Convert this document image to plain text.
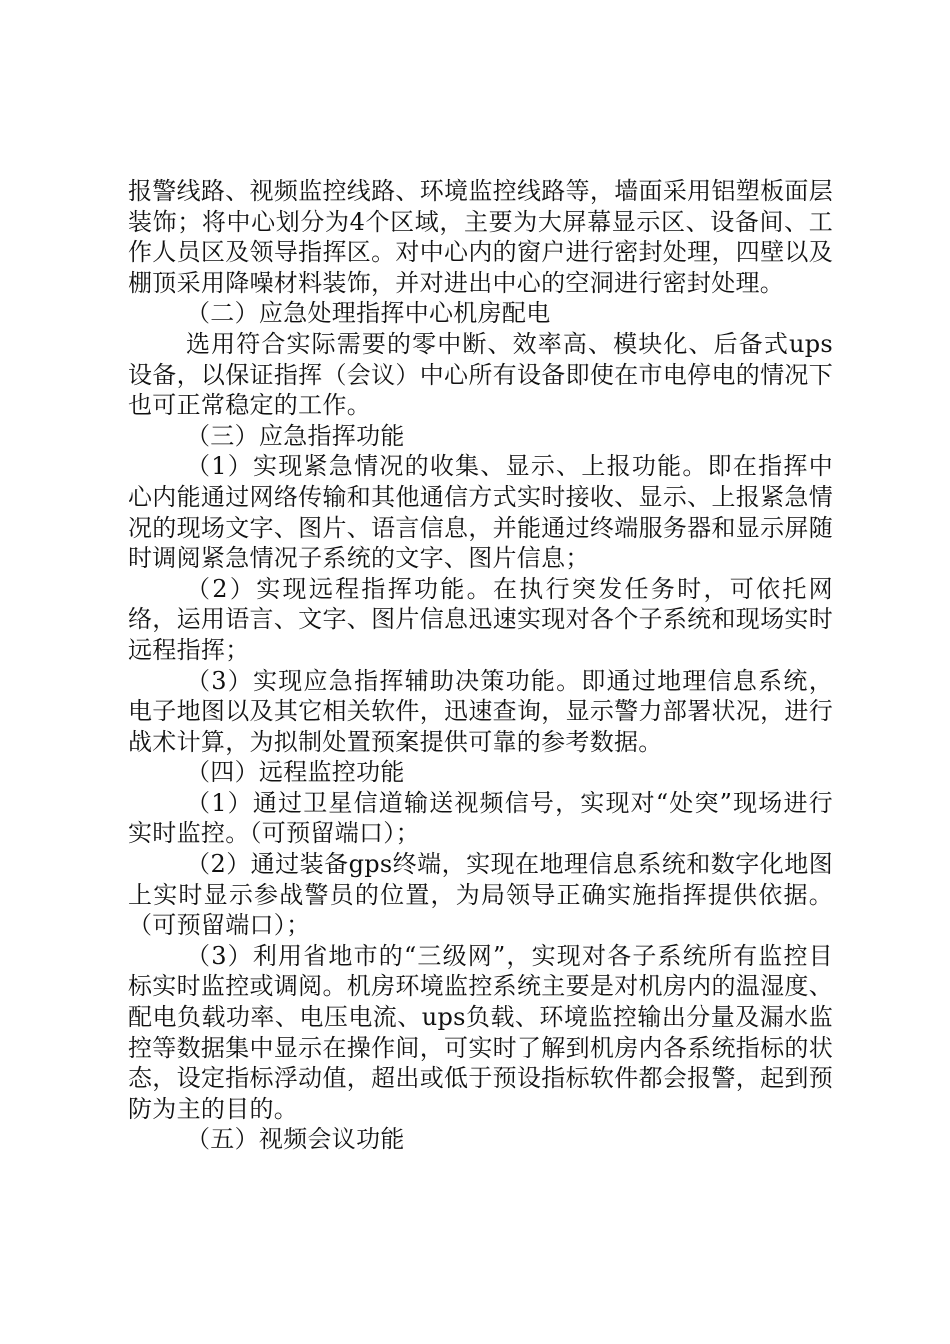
报警线路、视频监控线路、环境监控线路等，墙面采用铝塑板面层装饰；将中心划分为4个区域，主要为大屏幕显示区、设备间、工作人员区及领导指挥区。对中心内的窗户进行密封处理，四壁以及棚顶采用降噪材料装饰，并对进出中心的空洞进行密封处理。

（二）应急处理指挥中心机房配电

选用符合实际需要的零中断、效率高、模块化、后备式ups设备，以保证指挥（会议）中心所有设备即使在市电停电的情况下也可正常稳定的工作。

（三）应急指挥功能

（1）实现紧急情况的收集、显示、上报功能。即在指挥中心内能通过网络传输和其他通信方式实时接收、显示、上报紧急情况的现场文字、图片、语言信息，并能通过终端服务器和显示屏随时调阅紧急情况子系统的文字、图片信息；

（2）实现远程指挥功能。在执行突发任务时，可依托网络，运用语言、文字、图片信息迅速实现对各个子系统和现场实时远程指挥；

（3）实现应急指挥辅助决策功能。即通过地理信息系统，电子地图以及其它相关软件，迅速查询，显示警力部署状况，进行战术计算，为拟制处置预案提供可靠的参考数据。

（四）远程监控功能

（1）通过卫星信道输送视频信号，实现对“处突”现场进行实时监控。（可预留端口）；

（2）通过装备gps终端，实现在地理信息系统和数字化地图上实时显示参战警员的位置，为局领导正确实施指挥提供依据。（可预留端口）；

（3）利用省地市的“三级网”，实现对各子系统所有监控目标实时监控或调阅。机房环境监控系统主要是对机房内的温湿度、配电负载功率、电压电流、ups负载、环境监控输出分量及漏水监控等数据集中显示在操作间，可实时了解到机房内各系统指标的状态，设定指标浮动值，超出或低于预设指标软件都会报警，起到预防为主的目的。

（五）视频会议功能
